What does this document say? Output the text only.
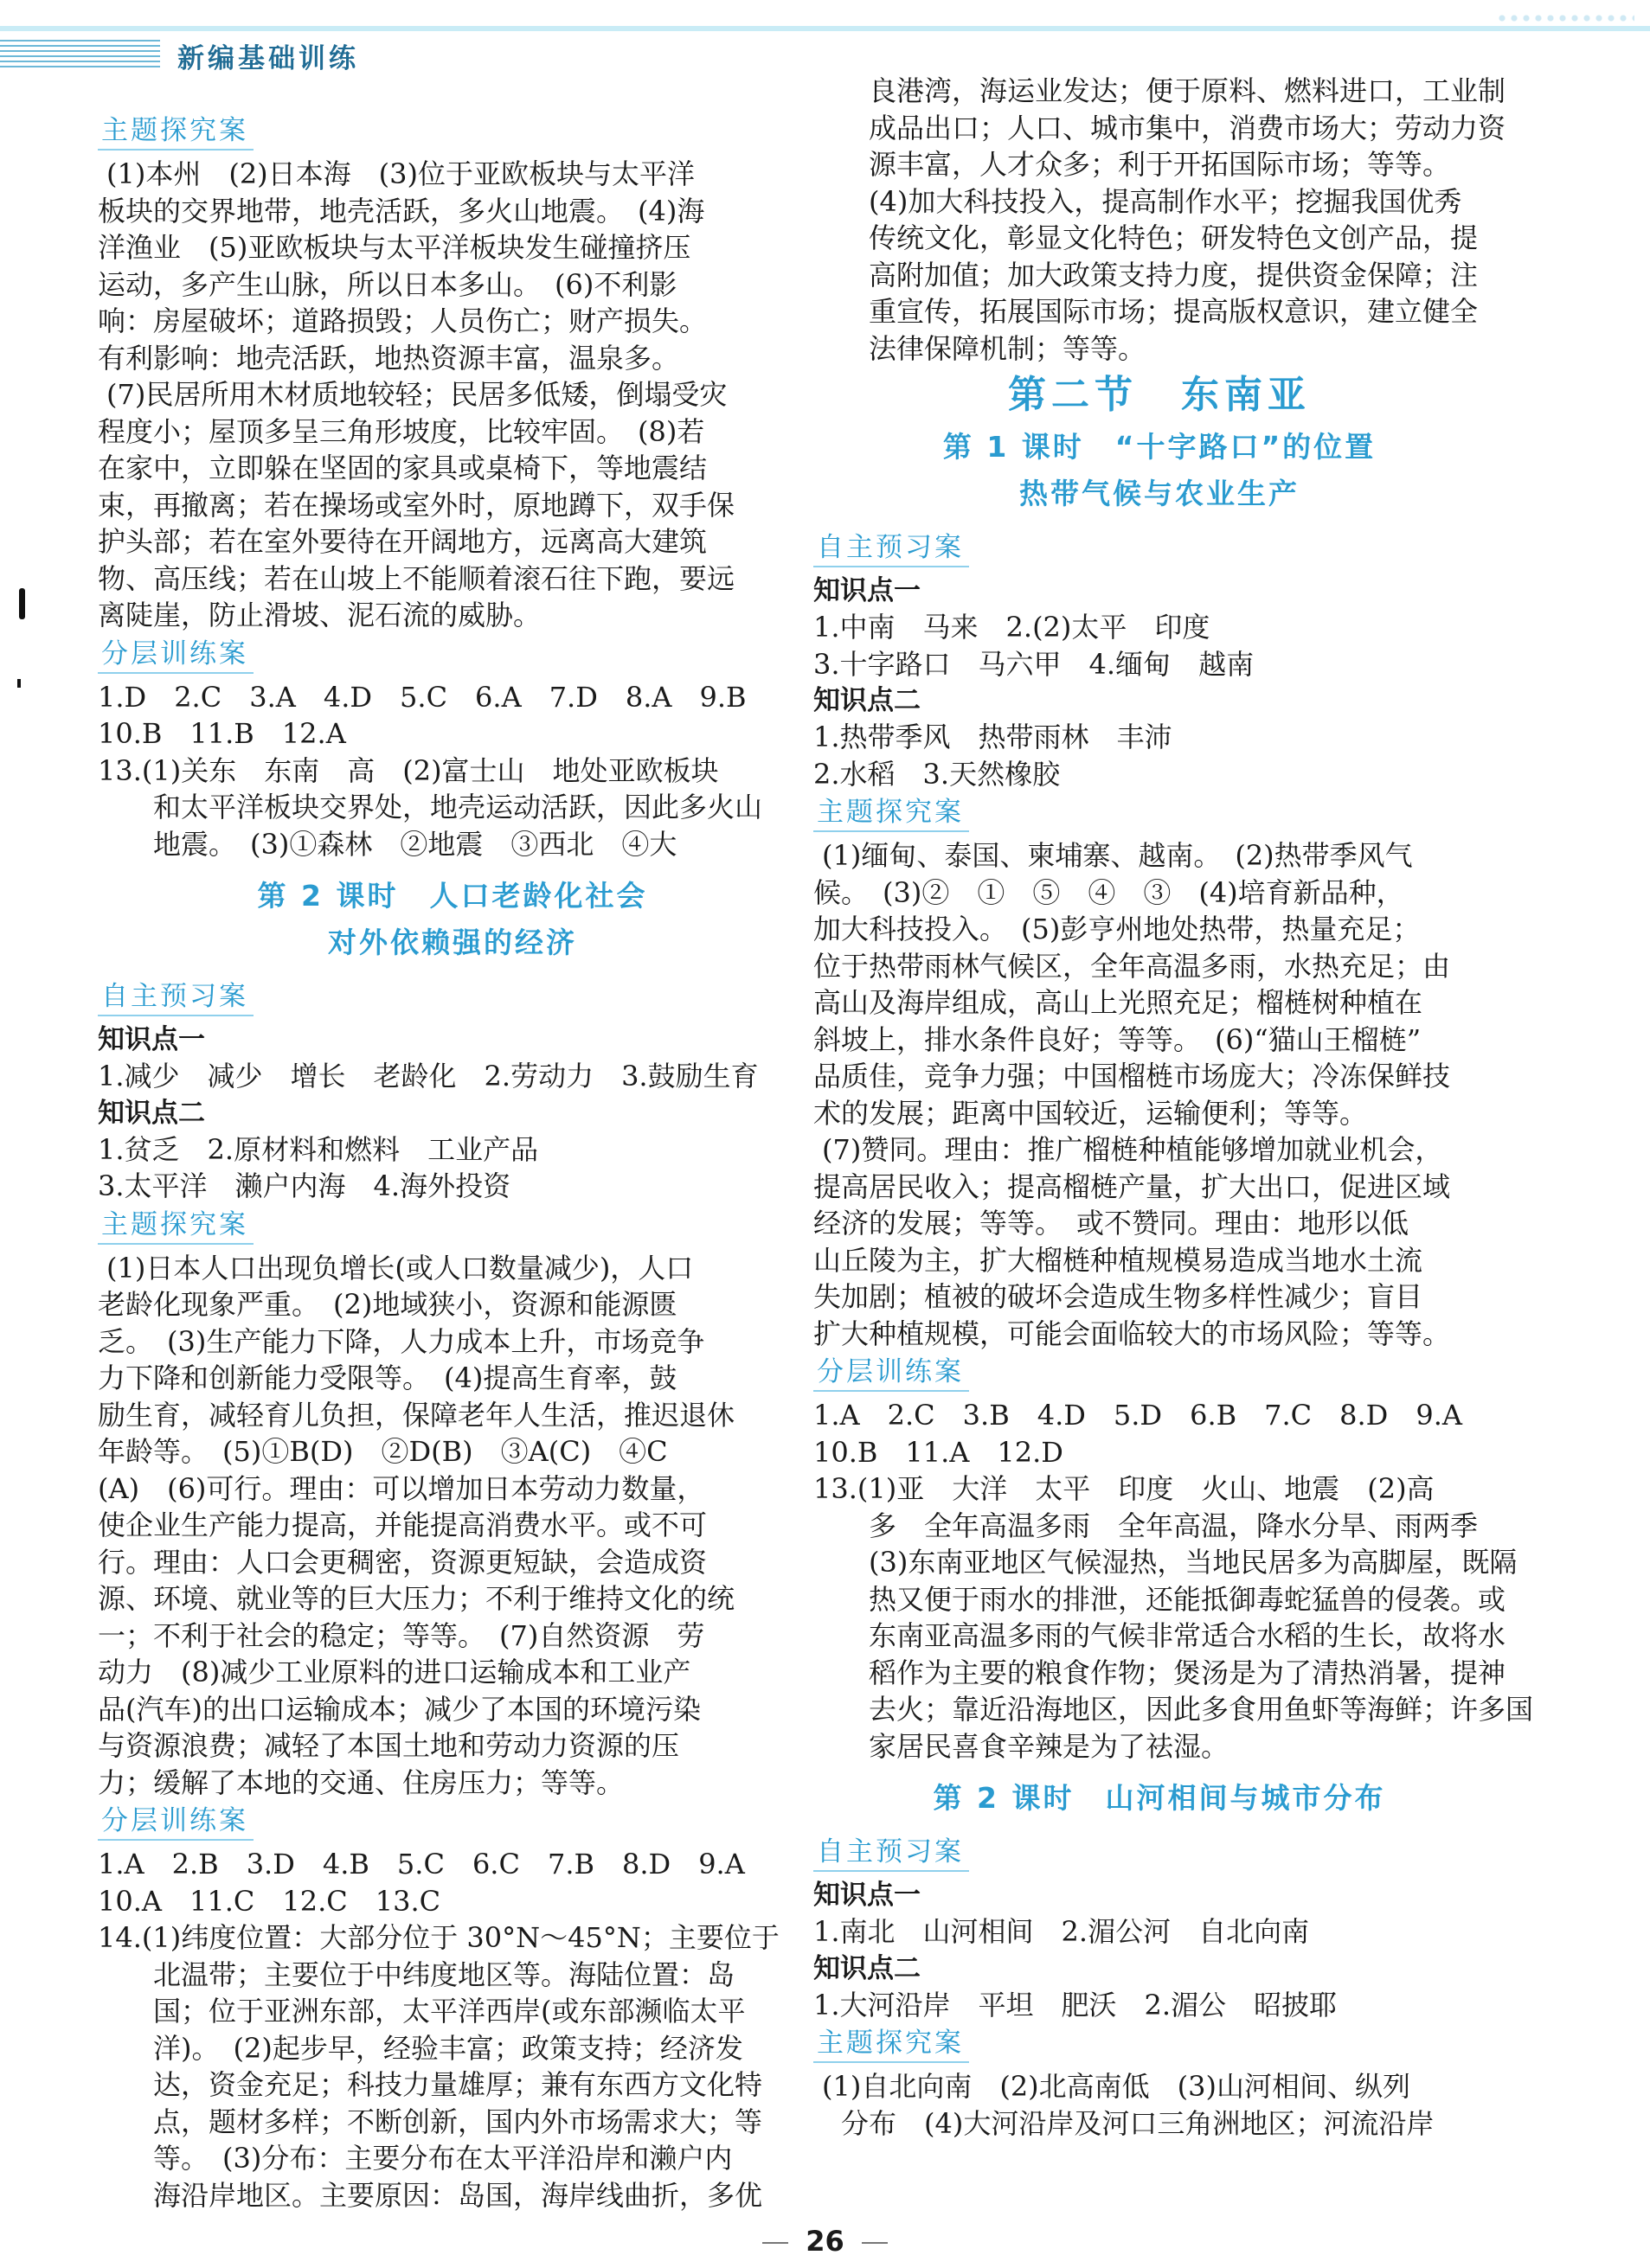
新编基础训练
主题探究案
(1)本州　(2)日本海　(3)位于亚欧板块与太平洋
板块的交界地带，地壳活跃，多火山地震。　(4)海
洋渔业　(5)亚欧板块与太平洋板块发生碰撞挤压
运动，多产生山脉，所以日本多山。　(6)不利影
响：房屋破坏；道路损毁；人员伤亡；财产损失。
有利影响：地壳活跃，地热资源丰富，温泉多。
(7)民居所用木材质地较轻；民居多低矮，倒塌受灾
程度小；屋顶多呈三角形坡度，比较牢固。　(8)若
在家中，立即躲在坚固的家具或桌椅下，等地震结
束，再撤离；若在操场或室外时，原地蹲下，双手保
护头部；若在室外要待在开阔地方，远离高大建筑
物、高压线；若在山坡上不能顺着滚石往下跑，要远
离陡崖，防止滑坡、泥石流的威胁。
分层训练案
1.D　2.C　3.A　4.D　5.C　6.A　7.D　8.A　9.B
10.B　11.B　12.A
13.(1)关东　东南　高　(2)富士山　地处亚欧板块
　　和太平洋板块交界处，地壳运动活跃，因此多火山
　　地震。　(3)①森林　②地震　③西北　④大
第 2 课时　人口老龄化社会
对外依赖强的经济
自主预习案
知识点一
1.减少　减少　增长　老龄化　2.劳动力　3.鼓励生育
知识点二
1.贫乏　2.原材料和燃料　工业产品
3.太平洋　濑户内海　4.海外投资
主题探究案
(1)日本人口出现负增长(或人口数量减少)，人口
老龄化现象严重。　(2)地域狭小，资源和能源匮
乏。　(3)生产能力下降，人力成本上升，市场竞争
力下降和创新能力受限等。　(4)提高生育率，鼓
励生育，减轻育儿负担，保障老年人生活，推迟退休
年龄等。　(5)①B(D)　②D(B)　③A(C)　④C
(A)　(6)可行。理由：可以增加日本劳动力数量，
使企业生产能力提高，并能提高消费水平。或不可
行。理由：人口会更稠密，资源更短缺，会造成资
源、环境、就业等的巨大压力；不利于维持文化的统
一；不利于社会的稳定；等等。　(7)自然资源　劳
动力　(8)减少工业原料的进口运输成本和工业产
品(汽车)的出口运输成本；减少了本国的环境污染
与资源浪费；减轻了本国土地和劳动力资源的压
力；缓解了本地的交通、住房压力；等等。
分层训练案
1.A　2.B　3.D　4.B　5.C　6.C　7.B　8.D　9.A
10.A　11.C　12.C　13.C
14.(1)纬度位置：大部分位于 30°N～45°N；主要位于
　　北温带；主要位于中纬度地区等。海陆位置：岛
　　国；位于亚洲东部，太平洋西岸(或东部濒临太平
　　洋)。　(2)起步早，经验丰富；政策支持；经济发
　　达，资金充足；科技力量雄厚；兼有东西方文化特
　　点，题材多样；不断创新，国内外市场需求大；等
　　等。　(3)分布：主要分布在太平洋沿岸和濑户内
　　海沿岸地区。主要原因：岛国，海岸线曲折，多优
　　良港湾，海运业发达；便于原料、燃料进口，工业制
　　成品出口；人口、城市集中，消费市场大；劳动力资
　　源丰富，人才众多；利于开拓国际市场；等等。
　　(4)加大科技投入，提高制作水平；挖掘我国优秀
　　传统文化，彰显文化特色；研发特色文创产品，提
　　高附加值；加大政策支持力度，提供资金保障；注
　　重宣传，拓展国际市场；提高版权意识，建立健全
　　法律保障机制；等等。
第二节　东南亚
第 1 课时　“十字路口”的位置
热带气候与农业生产
自主预习案
知识点一
1.中南　马来　2.(2)太平　印度
3.十字路口　马六甲　4.缅甸　越南
知识点二
1.热带季风　热带雨林　丰沛
2.水稻　3.天然橡胶
主题探究案
(1)缅甸、泰国、柬埔寨、越南。　(2)热带季风气
候。　(3)②　①　⑤　④　③　(4)培育新品种，
加大科技投入。　(5)彭亨州地处热带，热量充足；
位于热带雨林气候区，全年高温多雨，水热充足；由
高山及海岸组成，高山上光照充足；榴梿树种植在
斜坡上，排水条件良好；等等。　(6)“猫山王榴梿”
品质佳，竞争力强；中国榴梿市场庞大；冷冻保鲜技
术的发展；距离中国较近，运输便利；等等。
(7)赞同。理由：推广榴梿种植能够增加就业机会，
提高居民收入；提高榴梿产量，扩大出口，促进区域
经济的发展；等等。　或不赞同。理由：地形以低
山丘陵为主，扩大榴梿种植规模易造成当地水土流
失加剧；植被的破坏会造成生物多样性减少；盲目
扩大种植规模，可能会面临较大的市场风险；等等。
分层训练案
1.A　2.C　3.B　4.D　5.D　6.B　7.C　8.D　9.A
10.B　11.A　12.D
13.(1)亚　大洋　太平　印度　火山、地震　(2)高
　　多　全年高温多雨　全年高温，降水分旱、雨两季
　　(3)东南亚地区气候湿热，当地民居多为高脚屋，既隔
　　热又便于雨水的排泄，还能抵御毒蛇猛兽的侵袭。或
　　东南亚高温多雨的气候非常适合水稻的生长，故将水
　　稻作为主要的粮食作物；煲汤是为了清热消暑，提神
　　去火；靠近沿海地区，因此多食用鱼虾等海鲜；许多国
　　家居民喜食辛辣是为了祛湿。
第 2 课时　山河相间与城市分布
自主预习案
知识点一
1.南北　山河相间　2.湄公河　自北向南
知识点二
1.大河沿岸　平坦　肥沃　2.湄公　昭披耶
主题探究案
(1)自北向南　(2)北高南低　(3)山河相间、纵列
　分布　(4)大河沿岸及河口三角洲地区；河流沿岸
26
